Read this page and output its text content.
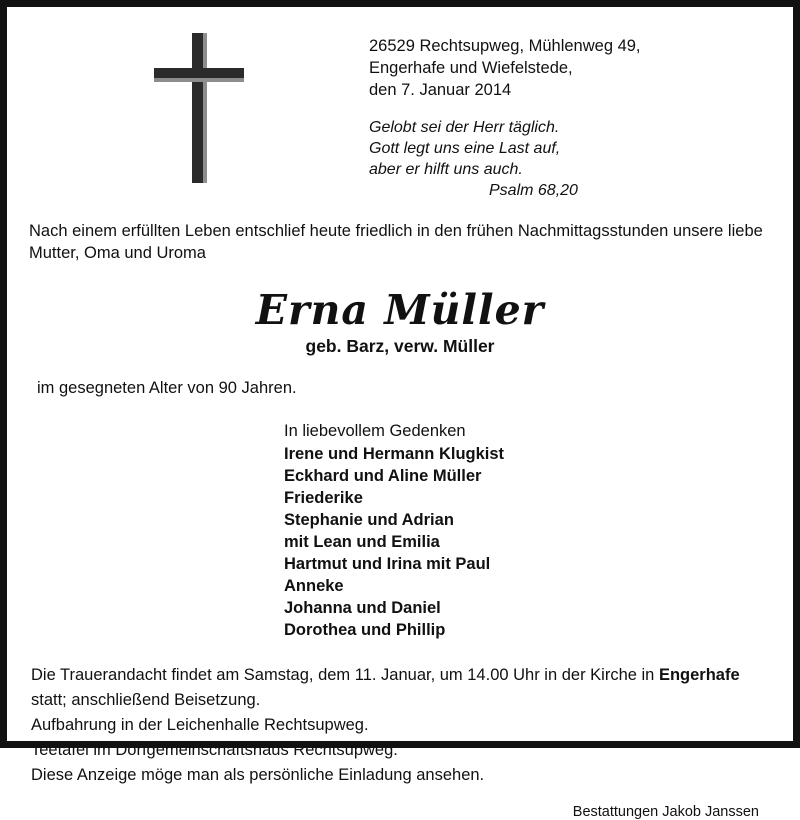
26529 Rechtsupweg, Mühlenweg 49,
Engerhafe und Wiefelstede,
den 7. Januar 2014
Gelobt sei der Herr täglich.
Gott legt uns eine Last auf,
aber er hilft uns auch.
Psalm 68,20
Nach einem erfüllten Leben entschlief heute friedlich in den frühen Nachmittagsstunden unsere liebe Mutter, Oma und Uroma
Erna Müller
geb. Barz, verw. Müller
im gesegneten Alter von 90 Jahren.
In liebevollem Gedenken
Irene und Hermann Klugkist
Eckhard und Aline Müller
Friederike
Stephanie und Adrian
mit Lean und Emilia
Hartmut und Irina mit Paul
Anneke
Johanna und Daniel
Dorothea und Phillip
Die Trauerandacht findet am Samstag, dem 11. Januar, um 14.00 Uhr in der Kirche in Engerhafe statt; anschließend Beisetzung.
Aufbahrung in der Leichenhalle Rechtsupweg.
Teetafel im Dorfgemeinschaftshaus Rechtsupweg.
Diese Anzeige möge man als persönliche Einladung ansehen.
Bestattungen Jakob Janssen
